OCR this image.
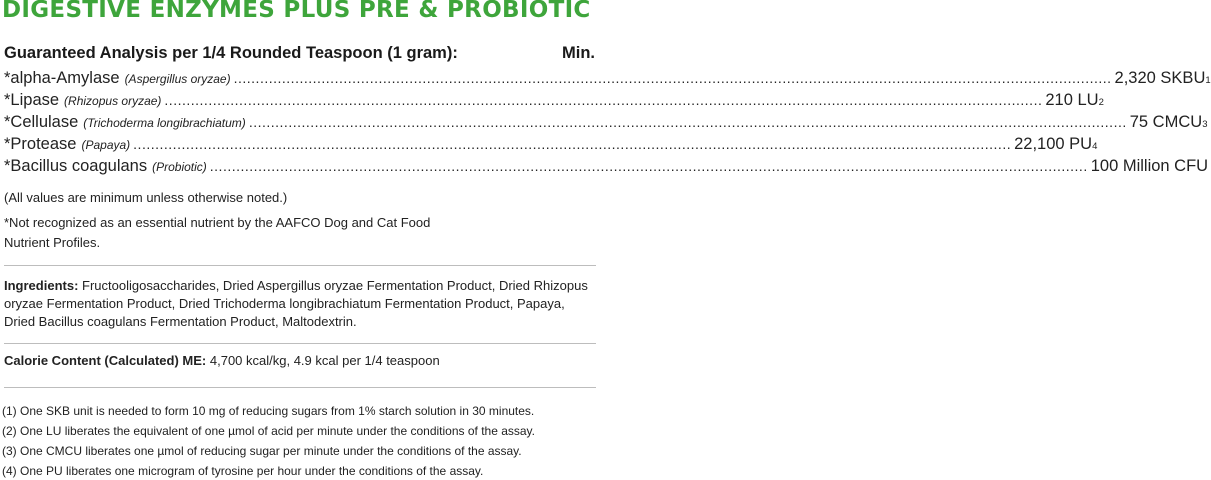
DIGESTIVE ENZYMES PLUS PRE & PROBIOTIC
Guaranteed Analysis per 1/4 Rounded Teaspoon (1 gram):	Min.
*alpha-Amylase (Aspergillus oryzae) ........................................................................................................................................................................................................ 2,320 SKBU 1
*Lipase (Rhizopus oryzae) ........................................................................................................................................................................................................ 210 LU 2
*Cellulase (Trichoderma longibrachiatum) ........................................................................................................................................................................................................ 75 CMCU 3
*Protease (Papaya) ........................................................................................................................................................................................................ 22,100 PU 4
*Bacillus coagulans (Probiotic) ........................................................................................................................................................................................................ 100 Million CFU
(All values are minimum unless otherwise noted.)
*Not recognized as an essential nutrient by the AAFCO Dog and Cat Food
Nutrient Profiles.
Ingredients: Fructooligosaccharides, Dried Aspergillus oryzae Fermentation Product, Dried Rhizopus oryzae Fermentation Product, Dried Trichoderma longibrachiatum Fermentation Product, Papaya, Dried Bacillus coagulans Fermentation Product, Maltodextrin.
Calorie Content (Calculated) ME: 4,700 kcal/kg, 4.9 kcal per 1/4 teaspoon
(1) One SKB unit is needed to form 10 mg of reducing sugars from 1% starch solution in 30 minutes.
(2) One LU liberates the equivalent of one µmol of acid per minute under the conditions of the assay.
(3) One CMCU liberates one µmol of reducing sugar per minute under the conditions of the assay.
(4) One PU liberates one microgram of tyrosine per hour under the conditions of the assay.
